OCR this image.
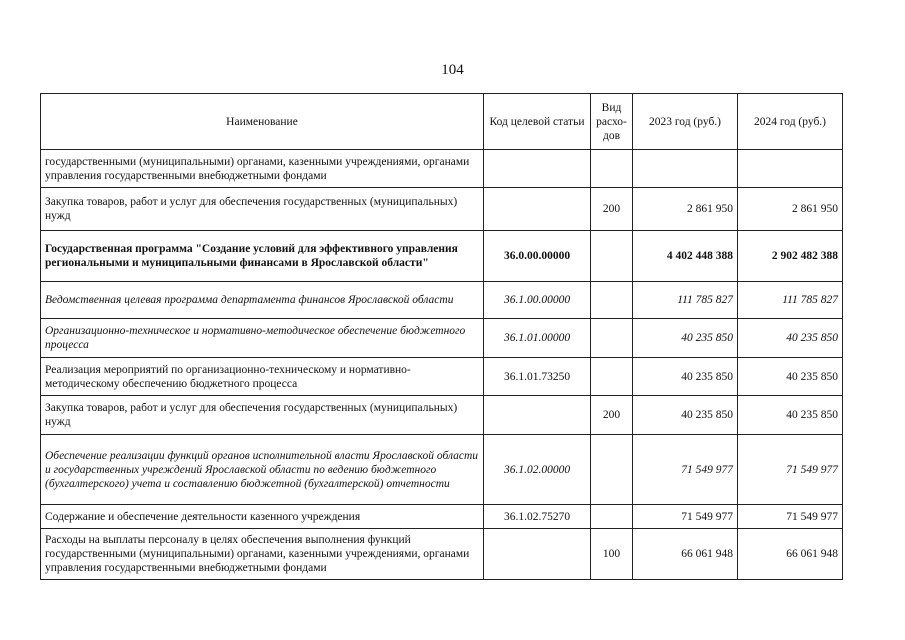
104
Наименование	Код целевой статьи	Вид расхо-дов	2023 год (руб.)	2024 год (руб.)
государственными (муниципальными) органами, казенными учреждениями, органами управления государственными внебюджетными фондами				
Закупка товаров, работ и услуг для обеспечения государственных (муниципальных) нужд		200	2 861 950	2 861 950
Государственная программа "Создание условий для эффективного управления региональными и муниципальными финансами в Ярославской области"	36.0.00.00000		4 402 448 388	2 902 482 388
Ведомственная целевая программа департамента финансов Ярославской области	36.1.00.00000		111 785 827	111 785 827
Организационно-техническое и нормативно-методическое обеспечение бюджетного процесса	36.1.01.00000		40 235 850	40 235 850
Реализация мероприятий по организационно-техническому и нормативно-методическому обеспечению бюджетного процесса	36.1.01.73250		40 235 850	40 235 850
Закупка товаров, работ и услуг для обеспечения государственных (муниципальных) нужд		200	40 235 850	40 235 850
Обеспечение реализации функций органов исполнительной власти Ярославской области и государственных учреждений Ярославской области по ведению бюджетного (бухгалтерского) учета и составлению бюджетной (бухгалтерской) отчетности	36.1.02.00000		71 549 977	71 549 977
Содержание и обеспечение деятельности казенного учреждения	36.1.02.75270		71 549 977	71 549 977
Расходы на выплаты персоналу в целях обеспечения выполнения функций государственными (муниципальными) органами, казенными учреждениями, органами управления государственными внебюджетными фондами		100	66 061 948	66 061 948
